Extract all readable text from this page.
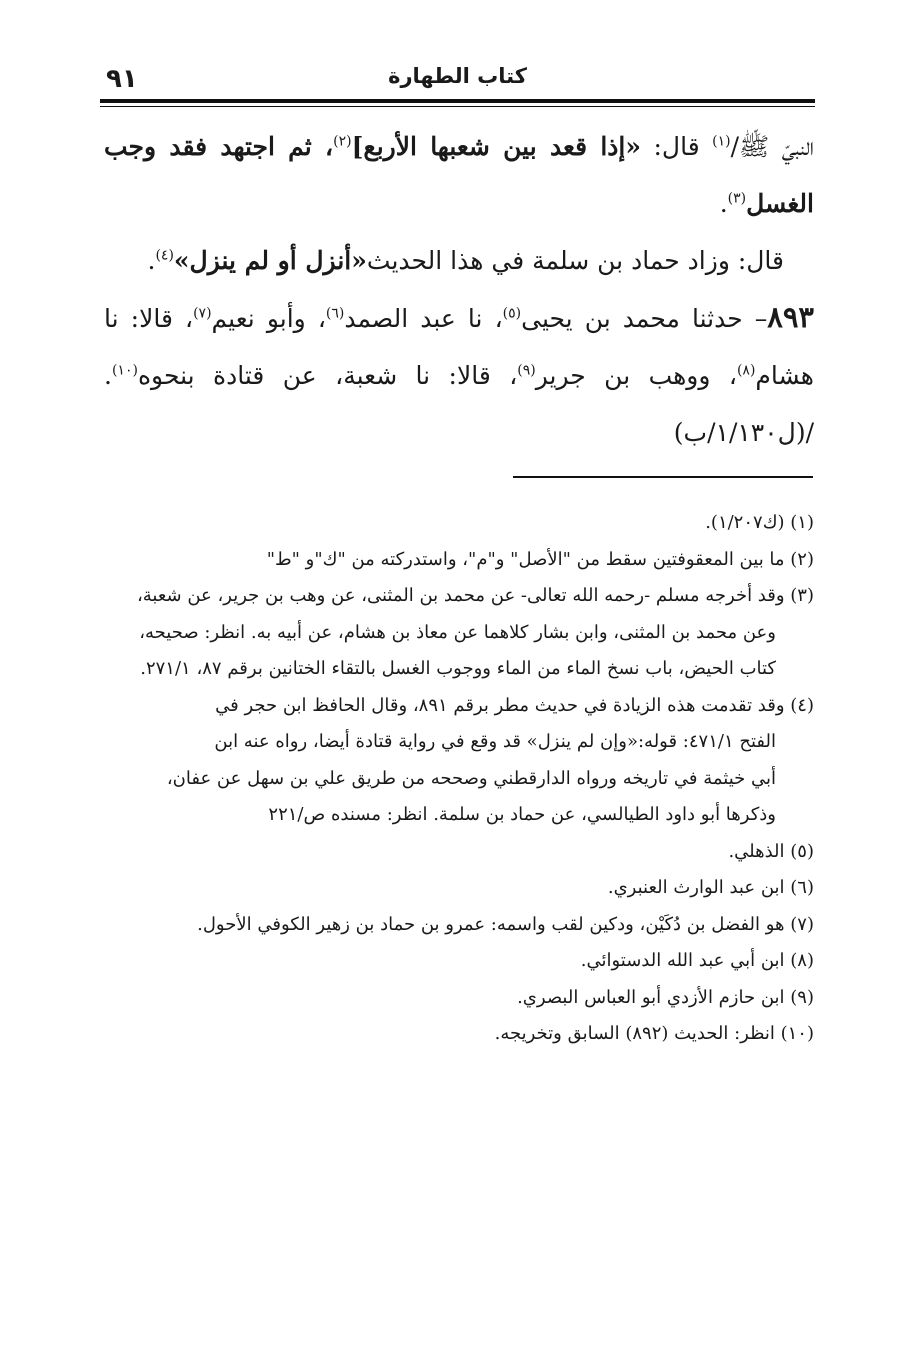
٩١	كتاب الطهارة

النبيّ ﷺ/$^{(١)}$ قال: «إذا قعد بين شعبها الأربع]$^{(٢)}$، ثم اجتهد فقد وجب الغسل$^{(٣)}$.

قال: وزاد حماد بن سلمة في هذا الحديث«أنزل أو لم ينزل»$^{(٤)}$.

٨٩٣– حدثنا محمد بن يحيى$^{(٥)}$، نا عبد الصمد$^{(٦)}$، وأبو نعيم$^{(٧)}$، قالا: نا هشام$^{(٨)}$، ووهب بن جرير$^{(٩)}$، قالا: نا شعبة، عن قتادة بنحوه$^{(١٠)}$. /(ل١/١٣٠/ب)

(١) (ك١/٢٠٧).

(٢) ما بين المعقوفتين سقط من "الأصل" و"م"، واستدركته من "ك"و "ط"

(٣) وقد أخرجه مسلم -رحمه الله تعالى- عن محمد بن المثنى، عن وهب بن جرير، عن شعبة،

وعن محمد بن المثنى، وابن بشار كلاهما عن معاذ بن هشام، عن أبيه به. انظر: صحيحه،

كتاب الحيض، باب نسخ الماء من الماء ووجوب الغسل بالتقاء الختانين برقم ٨٧، ٢٧١/١.

(٤) وقد تقدمت هذه الزيادة في حديث مطر برقم ٨٩١، وقال الحافظ ابن حجر في

الفتح ٤٧١/١: قوله:«وإن لم ينزل» قد وقع في رواية قتادة أيضا، رواه عنه ابن

أبي خيثمة في تاريخه ورواه الدارقطني وصححه من طريق علي بن سهل عن عفان،

وذكرها أبو داود الطيالسي، عن حماد بن سلمة. انظر: مسنده ص/٢٢١

(٥) الذهلي.

(٦) ابن عبد الوارث العنبري.

(٧) هو الفضل بن دُكَيْن، ودكين لقب واسمه: عمرو بن حماد بن زهير الكوفي الأحول.

(٨) ابن أبي عبد الله الدستوائي.

(٩) ابن حازم الأزدي أبو العباس البصري.

(١٠) انظر: الحديث (٨٩٢) السابق وتخريجه.
